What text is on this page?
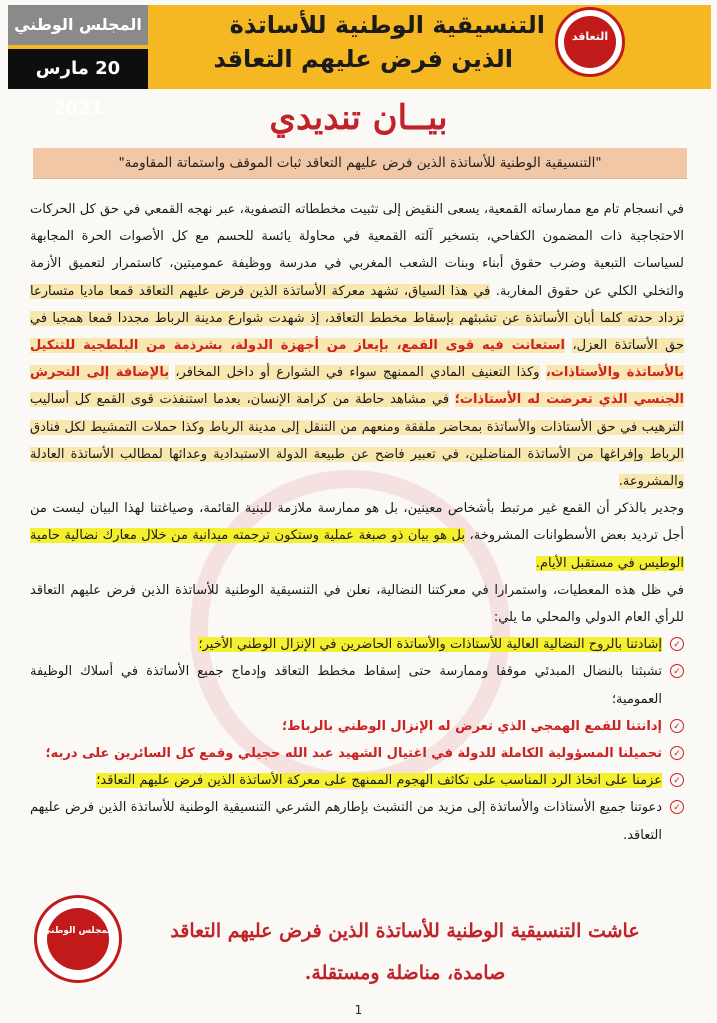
المجلس الوطني
20 مارس 2021
التنسيقية الوطنية للأساتذة
الذين فرض عليهم التعاقد
التعاقد
بيــان تنديدي
"التنسيقية الوطنية للأساتذة الذين فرض عليهم التعاقد ثبات الموقف واستماتة المقاومة"

في انسجام تام مع ممارساته القمعية، يسعى النقيض إلى تثبيت مخططاته التصفوية، عبر نهجه القمعي في حق كل الحركات الاحتجاجية ذات المضمون الكفاحي، بتسخير آلته القمعية في محاولة يائسة للحسم مع كل الأصوات الحرة المجابهة لسياسات التبعية وضرب حقوق أبناء وبنات الشعب المغربي في مدرسة ووظيفة عموميتين، كاستمرار لتعميق الأزمة والتخلي الكلي عن حقوق المغاربة. في هذا السياق، تشهد معركة الأساتذة الذين فرض عليهم التعاقد قمعا ماديا متسارعا تزداد حدته كلما أبان الأساتذة عن تشبثهم بإسقاط مخطط التعاقد، إذ شهدت شوارع مدينة الرباط مجددا قمعا همجيا في حق الأساتذة العزل، استعانت فيه قوى القمع، بإيعاز من أجهزة الدولة، بشرذمة من البلطجية للتنكيل بالأساتذة والأستاذات، وكذا التعنيف المادي الممنهج سواء في الشوارع أو داخل المخافر، بالإضافة إلى التحرش الجنسي الذي تعرضت له الأستاذات؛ في مشاهد حاطة من كرامة الإنسان، بعدما استنفذت قوى القمع كل أساليب الترهيب في حق الأستاذات والأساتذة بمحاضر ملفقة ومنعهم من التنقل إلى مدينة الرباط وكذا حملات التمشيط لكل فنادق الرباط وإفراغها من الأساتذة المناضلين، في تعبير فاضح عن طبيعة الدولة الاستبدادية وعدائها لمطالب الأساتذة العادلة والمشروعة.

وجدير بالذكر أن القمع غير مرتبط بأشخاص معينين، بل هو ممارسة ملازمة للبنية القائمة، وصياغتنا لهذا البيان ليست من أجل ترديد بعض الأسطوانات المشروخة، بل هو بيان ذو صبغة عملية وستكون ترجمته ميدانية من خلال معارك نضالية حامية الوطيس في مستقبل الأيام.

في ظل هذه المعطيات، واستمرارا في معركتنا النضالية، نعلن في التنسيقية الوطنية للأساتذة الذين فرض عليهم التعاقد للرأي العام الدولي والمحلي ما يلي:

✓
إشادتنا بالروح النضالية العالية للأستاذات والأساتذة الحاضرين في الإنزال الوطني الأخير؛
✓
تشبثنا بالنضال المبدئي موقفا وممارسة حتى إسقاط مخطط التعاقد وإدماج جميع الأساتذة في أسلاك الوظيفة العمومية؛
✓
إدانتنا للقمع الهمجي الذي تعرض له الإنزال الوطني بالرباط؛
✓
تحميلنا المسؤولية الكاملة للدولة في اغتيال الشهيد عبد الله حجيلي وقمع كل السائرين على دربه؛
✓
عزمنا على اتخاذ الرد المناسب على تكاثف الهجوم الممنهج على معركة الأساتذة الذين فرض عليهم التعاقد؛
✓
دعوتنا جميع الأستاذات والأساتذة إلى مزيد من التشبث بإطارهم الشرعي التنسيقية الوطنية للأساتذة الذين فرض عليهم التعاقد.
المجلس الوطني	عاشت التنسيقية الوطنية للأساتذة الذين فرض عليهم التعاقد
صامدة، مناضلة ومستقلة.
1
